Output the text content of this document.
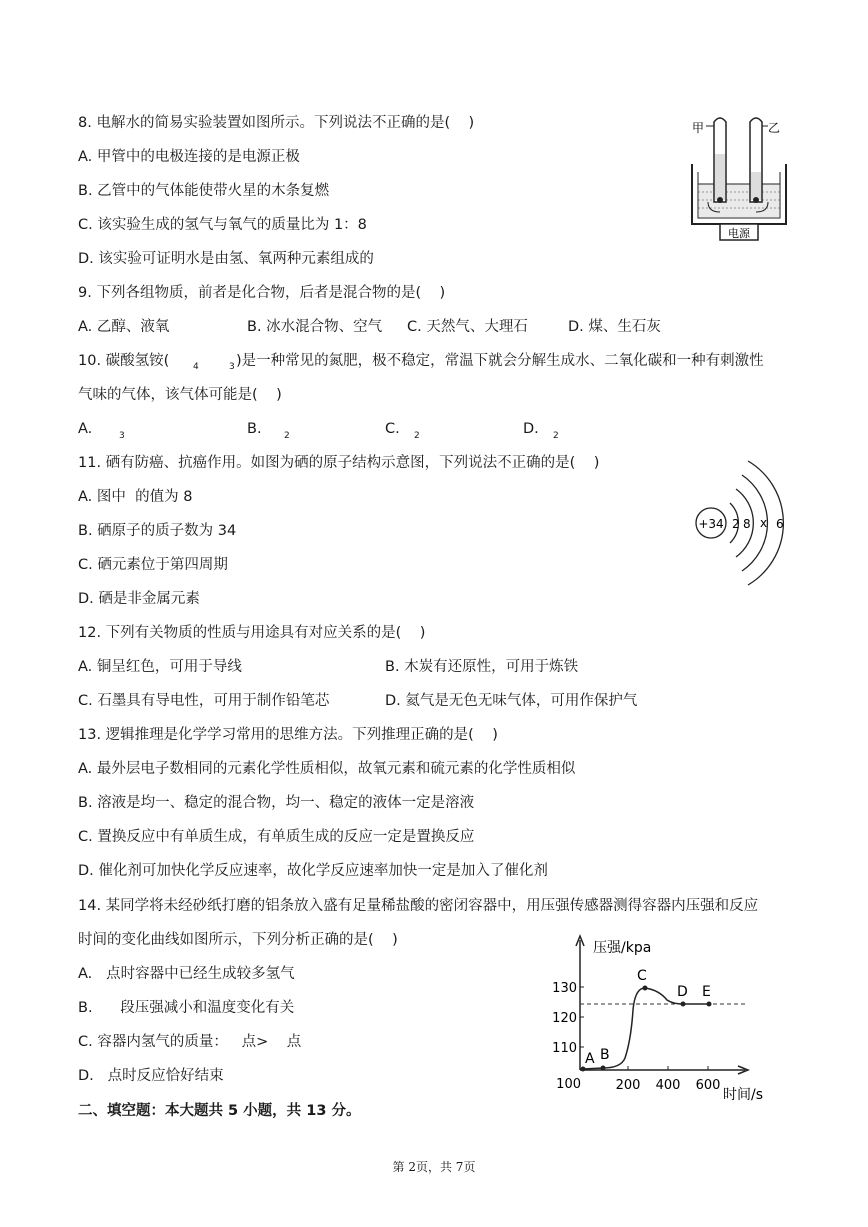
8. 电解水的简易实验装置如图所示。下列说法不正确的是(    )
A. 甲管中的电极连接的是电源正极
B. 乙管中的气体能使带火星的木条复燃
C. 该实验生成的氢气与氧气的质量比为 1：8
D. 该实验可证明水是由氢、氧两种元素组成的
甲	乙
电源
9. 下列各组物质，前者是化合物，后者是混合物的是(    )
A. 乙醇、液氧	B. 冰水混合物、空气 C. 天然气、大理石	D. 煤、生石灰
10. 碳酸氢铵(	4	3 )是一种常见的氮肥，极不稳定，常温下就会分解生成水、二氧化碳和一种有刺激性
气味的气体，该气体可能是(    )
A.	3	B. 2	C. 2	D. 2
11. 硒有防癌、抗癌作用。如图为硒的原子结构示意图，下列说法不正确的是(    )
A. 图中  的值为 8
B. 硒原子的质子数为 34
C. 硒元素位于第四周期
D. 硒是非金属元素
+34 2 8 x 6
12. 下列有关物质的性质与用途具有对应关系的是(    )
A. 铜呈红色，可用于导线	B. 木炭有还原性，可用于炼铁
C. 石墨具有导电性，可用于制作铅笔芯	D. 氦气是无色无味气体，可用作保护气
13. 逻辑推理是化学学习常用的思维方法。下列推理正确的是(    )
A. 最外层电子数相同的元素化学性质相似，故氧元素和硫元素的化学性质相似
B. 溶液是均一、稳定的混合物，均一、稳定的液体一定是溶液
C. 置换反应中有单质生成，有单质生成的反应一定是置换反应
D. 催化剂可加快化学反应速率，故化学反应速率加快一定是加入了催化剂
14. 某同学将未经砂纸打磨的铝条放入盛有足量稀盐酸的密闭容器中，用压强传感器测得容器内压强和反应
时间的变化曲线如图所示，下列分析正确的是(    )
A.   点时容器中已经生成较多氢气
B.      段压强减小和温度变化有关
C. 容器内氢气的质量：   点>    点
D.   点时反应恰好结束
压强/kpa
时间/s
130
120
110
100	200 400 600
A B
C
D E
二、填空题：本大题共 5 小题，共 13 分。
第 2页，共 7页
